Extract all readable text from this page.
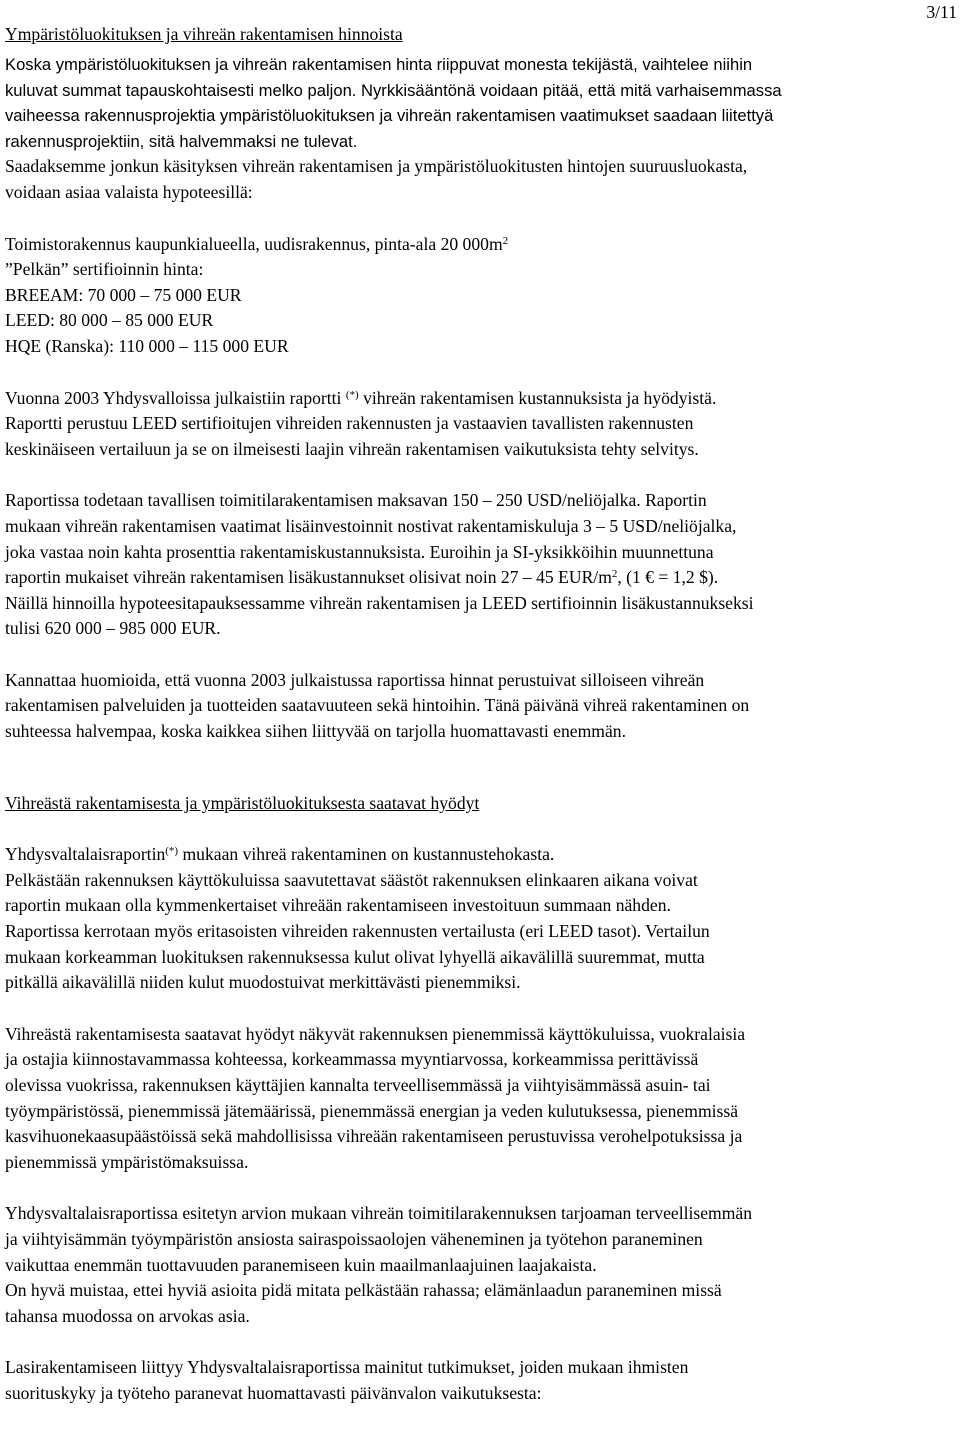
Ympäristöluokituksen ja vihreän rakentamisen hinnoista
3/11

Koska ympäristöluokituksen ja vihreän rakentamisen hinta riippuvat monesta tekijästä, vaihtelee niihin
kuluvat summat tapauskohtaisesti melko paljon. Nyrkkisääntönä voidaan pitää, että mitä varhaisemmassa
vaiheessa rakennusprojektia ympäristöluokituksen ja vihreän rakentamisen vaatimukset saadaan liitettyä
rakennusprojektiin, sitä halvemmaksi ne tulevat.

Saadaksemme jonkun käsityksen vihreän rakentamisen ja ympäristöluokitusten hintojen suuruusluokasta,
voidaan asiaa valaista hypoteesillä:

Toimistorakennus kaupunkialueella, uudisrakennus, pinta-ala 20 $000m^2$
”Pelkän” sertifioinnin hinta:
BREEAM: 70 000 – 75 000 EUR
LEED: 80 000 – 85 000 EUR
HQE (Ranska): 110 000 – 115 000 EUR

Vuonna 2003 Yhdysvalloissa julkaistiin raportti (*) vihreän rakentamisen kustannuksista ja hyödyistä.
Raportti perustuu LEED sertifioitujen vihreiden rakennusten ja vastaavien tavallisten rakennusten
keskinäiseen vertailuun ja se on ilmeisesti laajin vihreän rakentamisen vaikutuksista tehty selvitys.

Raportissa todetaan tavallisen toimitilarakentamisen maksavan 150 – 250 USD/neliöjalka. Raportin
mukaan vihreän rakentamisen vaatimat lisäinvestoinnit nostivat rakentamiskuluja 3 – 5 USD/neliöjalka,
joka vastaa noin kahta prosenttia rakentamiskustannuksista. Euroihin ja SI-yksikköihin muunnettuna
raportin mukaiset vihreän rakentamisen lisäkustannukset olisivat noin 27 – 45 EUR/$m^2$, (1 € = 1,2 $).
Näillä hinnoilla hypoteesitapauksessamme vihreän rakentamisen ja LEED sertifioinnin lisäkustannukseksi
tulisi 620 000 – 985 000 EUR.

Kannattaa huomioida, että vuonna 2003 julkaistussa raportissa hinnat perustuivat silloiseen vihreän
rakentamisen palveluiden ja tuotteiden saatavuuteen sekä hintoihin. Tänä päivänä vihreä rakentaminen on
suhteessa halvempaa, koska kaikkea siihen liittyvää on tarjolla huomattavasti enemmän.

Vihreästä rakentamisesta ja ympäristöluokituksesta saatavat hyödyt

Yhdysvaltalaisraportin(*) mukaan vihreä rakentaminen on kustannustehokasta.
Pelkästään rakennuksen käyttökuluissa saavutettavat säästöt rakennuksen elinkaaren aikana voivat
raportin mukaan olla kymmenkertaiset vihreään rakentamiseen investoituun summaan nähden.
Raportissa kerrotaan myös eritasoisten vihreiden rakennusten vertailusta (eri LEED tasot). Vertailun
mukaan korkeamman luokituksen rakennuksessa kulut olivat lyhyellä aikavälillä suuremmat, mutta
pitkällä aikavälillä niiden kulut muodostuivat merkittävästi pienemmiksi.

Vihreästä rakentamisesta saatavat hyödyt näkyvät rakennuksen pienemmissä käyttökuluissa, vuokralaisia
ja ostajia kiinnostavammassa kohteessa, korkeammassa myyntiarvossa, korkeammissa perittävissä
olevissa vuokrissa, rakennuksen käyttäjien kannalta terveellisemmässä ja viihtyisämmässä asuin- tai
työympäristössä, pienemmissä jätemäärissä, pienemmässä energian ja veden kulutuksessa, pienemmissä
kasvihuonekaasupäästöissä sekä mahdollisissa vihreään rakentamiseen perustuvissa verohelpotuksissa ja
pienemmissä ympäristömaksuissa.

Yhdysvaltalaisraportissa esitetyn arvion mukaan vihreän toimitilarakennuksen tarjoaman terveellisemmän
ja viihtyisämmän työympäristön ansiosta sairaspoissaolojen väheneminen ja työtehon paraneminen
vaikuttaa enemmän tuottavuuden paranemiseen kuin maailmanlaajuinen laajakaista.
On hyvä muistaa, ettei hyviä asioita pidä mitata pelkästään rahassa; elämänlaadun paraneminen missä
tahansa muodossa on arvokas asia.

Lasirakentamiseen liittyy Yhdysvaltalaisraportissa mainitut tutkimukset, joiden mukaan ihmisten
suorituskyky ja työteho paranevat huomattavasti päivänvalon vaikutuksesta:
